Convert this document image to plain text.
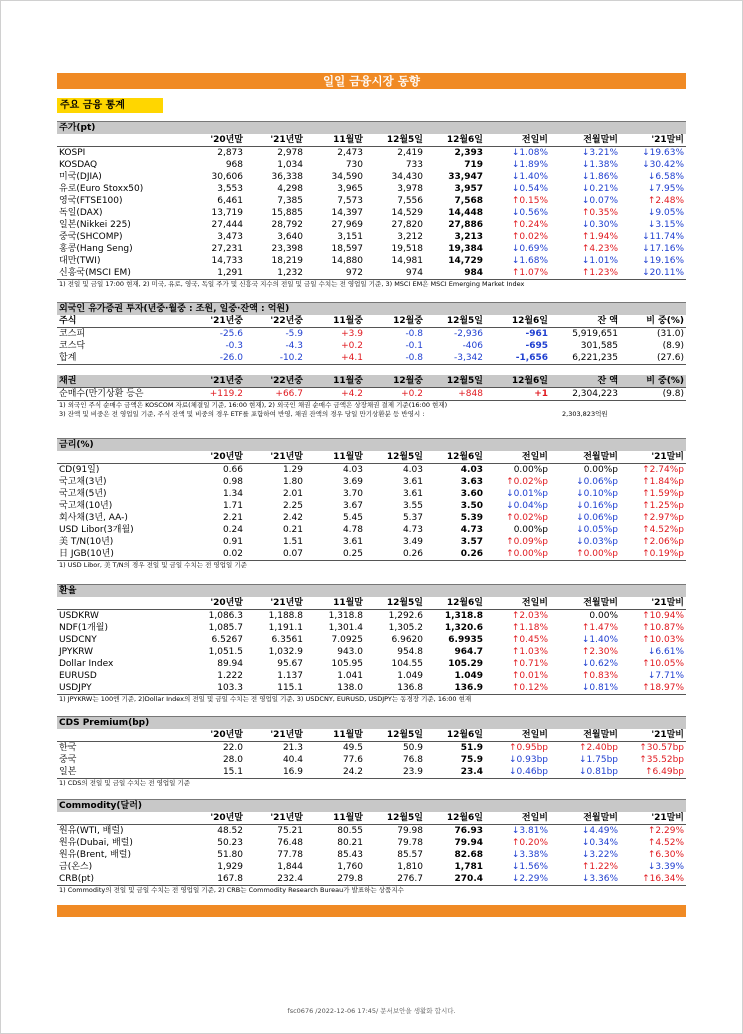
일일 금융시장 동향
주요 금융 통계
주가(pt)
	'20년말	'21년말	11월말	12월5일	12월6일	전일비	전월말비	'21말비
KOSPI	2,873	2,978	2,473	2,419	2,393	↓1.08%	↓3.21%	↓19.63%
KOSDAQ	968	1,034	730	733	719	↓1.89%	↓1.38%	↓30.42%
미국(DJIA)	30,606	36,338	34,590	34,430	33,947	↓1.40%	↓1.86%	↓6.58%
유로(Euro Stoxx50)	3,553	4,298	3,965	3,978	3,957	↓0.54%	↓0.21%	↓7.95%
영국(FTSE100)	6,461	7,385	7,573	7,556	7,568	↑0.15%	↓0.07%	↑2.48%
독일(DAX)	13,719	15,885	14,397	14,529	14,448	↓0.56%	↑0.35%	↓9.05%
일본(Nikkei 225)	27,444	28,792	27,969	27,820	27,886	↑0.24%	↓0.30%	↓3.15%
중국(SHCOMP)	3,473	3,640	3,151	3,212	3,213	↑0.02%	↑1.94%	↓11.74%
홍콩(Hang Seng)	27,231	23,398	18,597	19,518	19,384	↓0.69%	↑4.23%	↓17.16%
대만(TWI)	14,733	18,219	14,880	14,981	14,729	↓1.68%	↓1.01%	↓19.16%
신흥국(MSCI EM)	1,291	1,232	972	974	984	↑1.07%	↑1.23%	↓20.11%
1) 전일 및 금일 17:00 현재, 2) 미국, 유로, 영국, 독일 주가 및 신흥국 지수의 전일 및 금일 수치는 전 영업일 기준, 3) MSCI EM은 MSCI Emerging Market Index
외국인 유가증권 투자(년중·월중 : 조원, 일중·잔액 : 억원)
주식	'21년중	'22년중	11월중	12월중	12월5일	12월6일	잔 액	비 중(%)
코스피	-25.6	-5.9	+3.9	-0.8	-2,936	-961	5,919,651	(31.0)
코스닥	-0.3	-4.3	+0.2	-0.1	-406	-695	301,585	(8.9)
합계	-26.0	-10.2	+4.1	-0.8	-3,342	-1,656	6,221,235	(27.6)
채권	'21년중	'22년중	11월중	12월중	12월5일	12월6일	잔 액	비 중(%)
순매수(만기상환 등은	+119.2	+66.7	+4.2	+0.2	+848	+1	2,304,223	(9.8)
1) 외국인 주식 순매수 금액은 KOSCOM 자료(체결일 기준, 16:00 현재), 2) 외국인 채권 순매수 금액은 상장채권 결제 기준(16:00 현재)
3) 잔액 및 비중은 전 영업일 기준, 주식 잔액 및 비중의 경우 ETF를 포함하여 반영, 채권 잔액의 경우 당일 만기상환분 등 반영시 :	2,303,823억원
금리(%)
	'20년말	'21년말	11월말	12월5일	12월6일	전일비	전월말비	'21말비
CD(91일)	0.66	1.29	4.03	4.03	4.03	0.00%p	0.00%p	↑2.74%p
국고채(3년)	0.98	1.80	3.69	3.61	3.63	↑0.02%p	↓0.06%p	↑1.84%p
국고채(5년)	1.34	2.01	3.70	3.61	3.60	↓0.01%p	↓0.10%p	↑1.59%p
국고채(10년)	1.71	2.25	3.67	3.55	3.50	↓0.04%p	↓0.16%p	↑1.25%p
회사채(3년, AA-)	2.21	2.42	5.45	5.37	5.39	↑0.02%p	↓0.06%p	↑2.97%p
USD Libor(3개월)	0.24	0.21	4.78	4.73	4.73	0.00%p	↓0.05%p	↑4.52%p
美 T/N(10년)	0.91	1.51	3.61	3.49	3.57	↑0.09%p	↓0.03%p	↑2.06%p
日 JGB(10년)	0.02	0.07	0.25	0.26	0.26	↑0.00%p	↑0.00%p	↑0.19%p
1) USD Libor, 美 T/N의 경우 전일 및 금일 수치는 전 영업일 기준
환율
	'20년말	'21년말	11월말	12월5일	12월6일	전일비	전월말비	'21말비
USDKRW	1,086.3	1,188.8	1,318.8	1,292.6	1,318.8	↑2.03%	0.00%	↑10.94%
NDF(1개월)	1,085.7	1,191.1	1,301.4	1,305.2	1,320.6	↑1.18%	↑1.47%	↑10.87%
USDCNY	6.5267	6.3561	7.0925	6.9620	6.9935	↑0.45%	↓1.40%	↑10.03%
JPYKRW	1,051.5	1,032.9	943.0	954.8	964.7	↑1.03%	↑2.30%	↓6.61%
Dollar Index	89.94	95.67	105.95	104.55	105.29	↑0.71%	↓0.62%	↑10.05%
EURUSD	1.222	1.137	1.041	1.049	1.049	↑0.01%	↑0.83%	↓7.71%
USDJPY	103.3	115.1	138.0	136.8	136.9	↑0.12%	↓0.81%	↑18.97%
1) JPYKRW는 100엔 기준, 2)Dollar Index의 전일 및 금일 수치는 전 영업일 기준, 3) USDCNY, EURUSD, USDJPY는 동경장 기준, 16:00 현재
CDS Premium(bp)
	'20년말	'21년말	11월말	12월5일	12월6일	전일비	전월말비	'21말비
한국	22.0	21.3	49.5	50.9	51.9	↑0.95bp	↑2.40bp	↑30.57bp
중국	28.0	40.4	77.6	76.8	75.9	↓0.93bp	↓1.75bp	↑35.52bp
일본	15.1	16.9	24.2	23.9	23.4	↓0.46bp	↓0.81bp	↑6.49bp
1) CDS의 전일 및 금일 수치는 전 영업일 기준
Commodity(달러)
	'20년말	'21년말	11월말	12월5일	12월6일	전일비	전월말비	'21말비
원유(WTI, 배럴)	48.52	75.21	80.55	79.98	76.93	↓3.81%	↓4.49%	↑2.29%
원유(Dubai, 배럴)	50.23	76.48	80.21	79.78	79.94	↑0.20%	↓0.34%	↑4.52%
원유(Brent, 배럴)	51.80	77.78	85.43	85.57	82.68	↓3.38%	↓3.22%	↑6.30%
금(온스)	1,929	1,844	1,760	1,810	1,781	↓1.56%	↑1.22%	↓3.39%
CRB(pt)	167.8	232.4	279.8	276.7	270.4	↓2.29%	↓3.36%	↑16.34%
1) Commodity의 전일 및 금일 수치는 전 영업일 기준, 2) CRB는 Commodity Research Bureau가 발표하는 상품지수
fsc0676 /2022-12-06 17:45/ 문서보안을 생활화 합시다.
